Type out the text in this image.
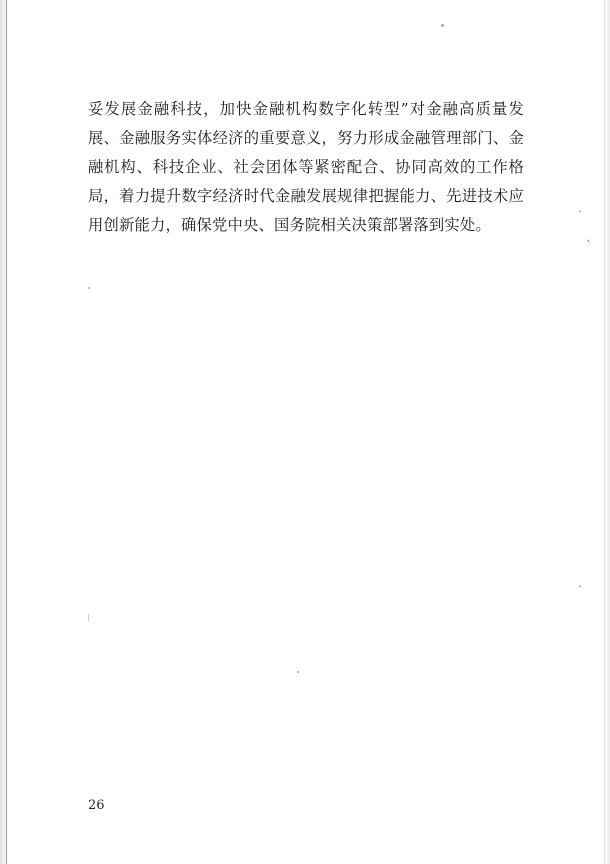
妥发展金融科技，加快金融机构数字化转型”对金融高质量发展、金融服务实体经济的重要意义，努力形成金融管理部门、金融机构、科技企业、社会团体等紧密配合、协同高效的工作格局，着力提升数字经济时代金融发展规律把握能力、先进技术应用创新能力，确保党中央、国务院相关决策部署落到实处。

26
·
、
·
